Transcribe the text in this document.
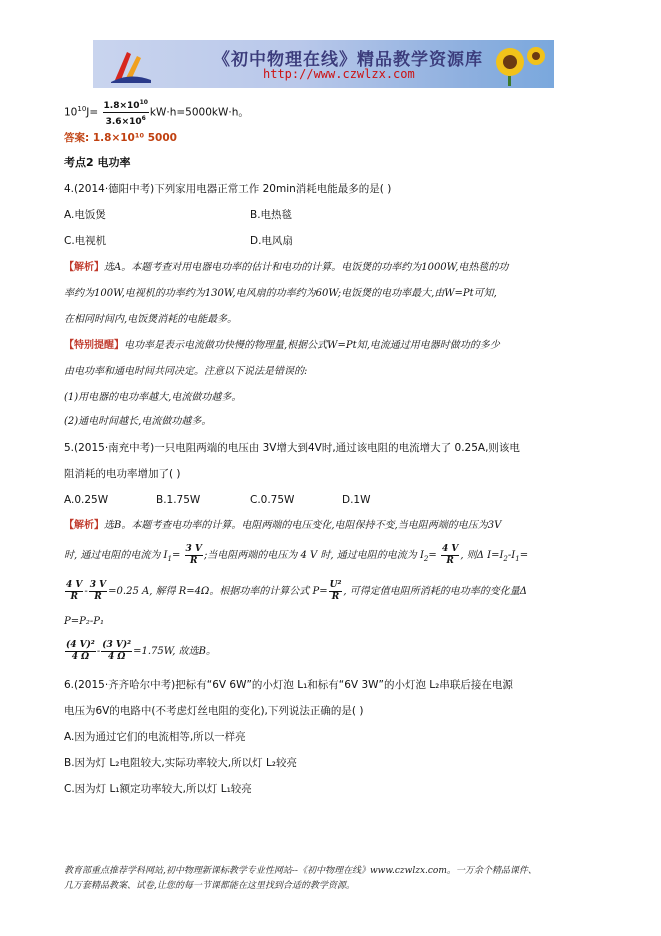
《初中物理在线》精品教学资源库
http://www.czwlzx.com
$10^{10}J= \frac{1.8\times 10^{10}}{3.6\times 10^6} kW\cdot h=5000kW\cdot h$。
答案: 1.8×10¹⁰ 5000
考点2 电功率
4.(2014·德阳中考)下列家用电器正常工作 20min消耗电能最多的是( )
A.电饭煲	B.电热毯
C.电视机	D.电风扇
【解析】选A。本题考查对用电器电功率的估计和电功的计算。电饭煲的功率约为1000W,电热毯的功
率约为100W,电视机的功率约为130W,电风扇的功率约为60W;电饭煲的电功率最大,由W=Pt可知,
在相同时间内,电饭煲消耗的电能最多。
【特别提醒】电功率是表示电流做功快慢的物理量,根据公式W=Pt知,电流通过用电器时做功的多少
由电功率和通电时间共同决定。注意以下说法是错误的:
(1)用电器的电功率越大,电流做功越多。
(2)通电时间越长,电流做功越多。
5.(2015·南充中考)一只电阻两端的电压由 3V增大到4V时,通过该电阻的电流增大了 0.25A,则该电
阻消耗的电功率增加了( )
A.0.25W	B.1.75W	C.0.75W	D.1W
【解析】选B。本题考查电功率的计算。电阻两端的电压变化,电阻保持不变,当电阻两端的电压为3V
时, 通过电阻的电流为 $I_1= \frac{3 V}{R}$ ;当电阻两端的电压为 4 V 时, 通过电阻的电流为 $I_2= \frac{4 V}{R}$ , 则Δ $I=I_2-I_1=$
$\frac{4 V}{R} - \frac{3 V}{R} =0.25$ A, 解得 R=4Ω。根据功率的计算公式 $P= \frac{\text{U²}}{R}$ , 可得定值电阻所消耗的电功率的变化量Δ
P=P₂-P₁
$\frac{\text{(4 V)²}}{4 \Omega} - \frac{\text{(3 V)²}}{4 \Omega} =1.75W$, 故选B。
6.(2015·齐齐哈尔中考)把标有“6V 6W”的小灯泡 L₁和标有“6V 3W”的小灯泡 L₂串联后接在电源
电压为6V的电路中(不考虑灯丝电阻的变化),下列说法正确的是( )
A.因为通过它们的电流相等,所以一样亮
B.因为灯 L₂电阻较大,实际功率较大,所以灯 L₂较亮
C.因为灯 L₁额定功率较大,所以灯 L₁较亮
教育部重点推荐学科网站,初中物理新课标教学专业性网站--《初中物理在线》www.czwlzx.com。一万余个精品课件、
几万套精品教案、试卷,让您的每一节课都能在这里找到合适的教学资源。
